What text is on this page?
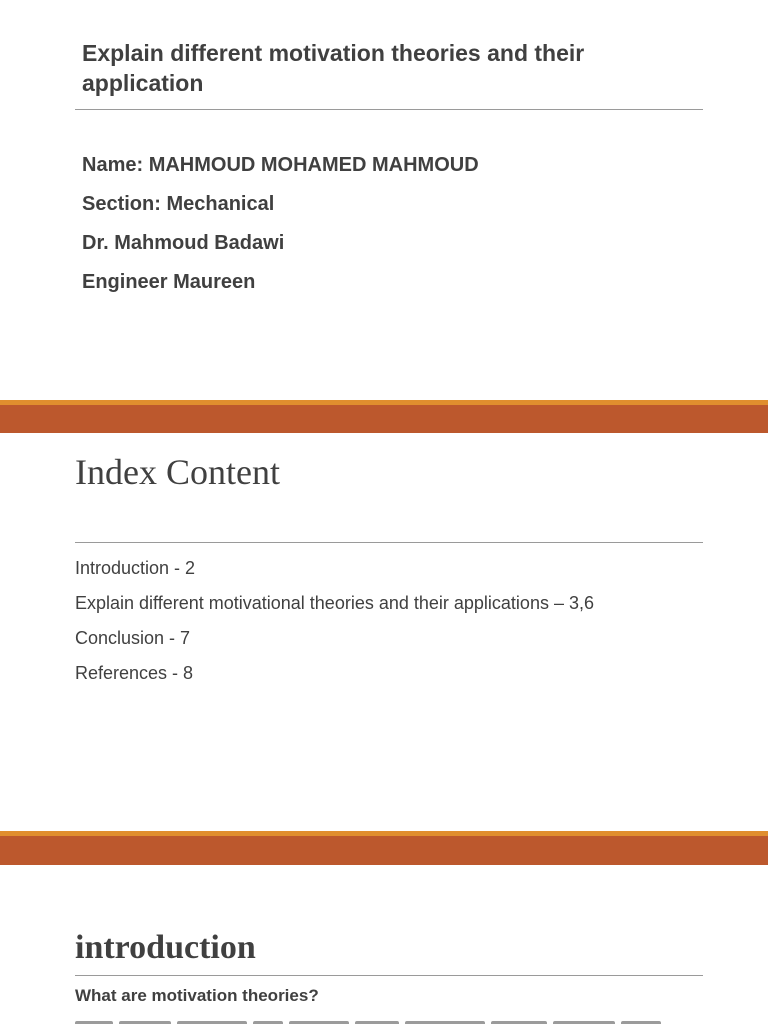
Explain different motivation theories and their application
Name: MAHMOUD MOHAMED MAHMOUD
Section: Mechanical
Dr. Mahmoud Badawi
Engineer Maureen
Index Content
Introduction - 2
Explain different motivational theories and their applications – 3,6
Conclusion - 7
References - 8
introduction

What are motivation theories?
